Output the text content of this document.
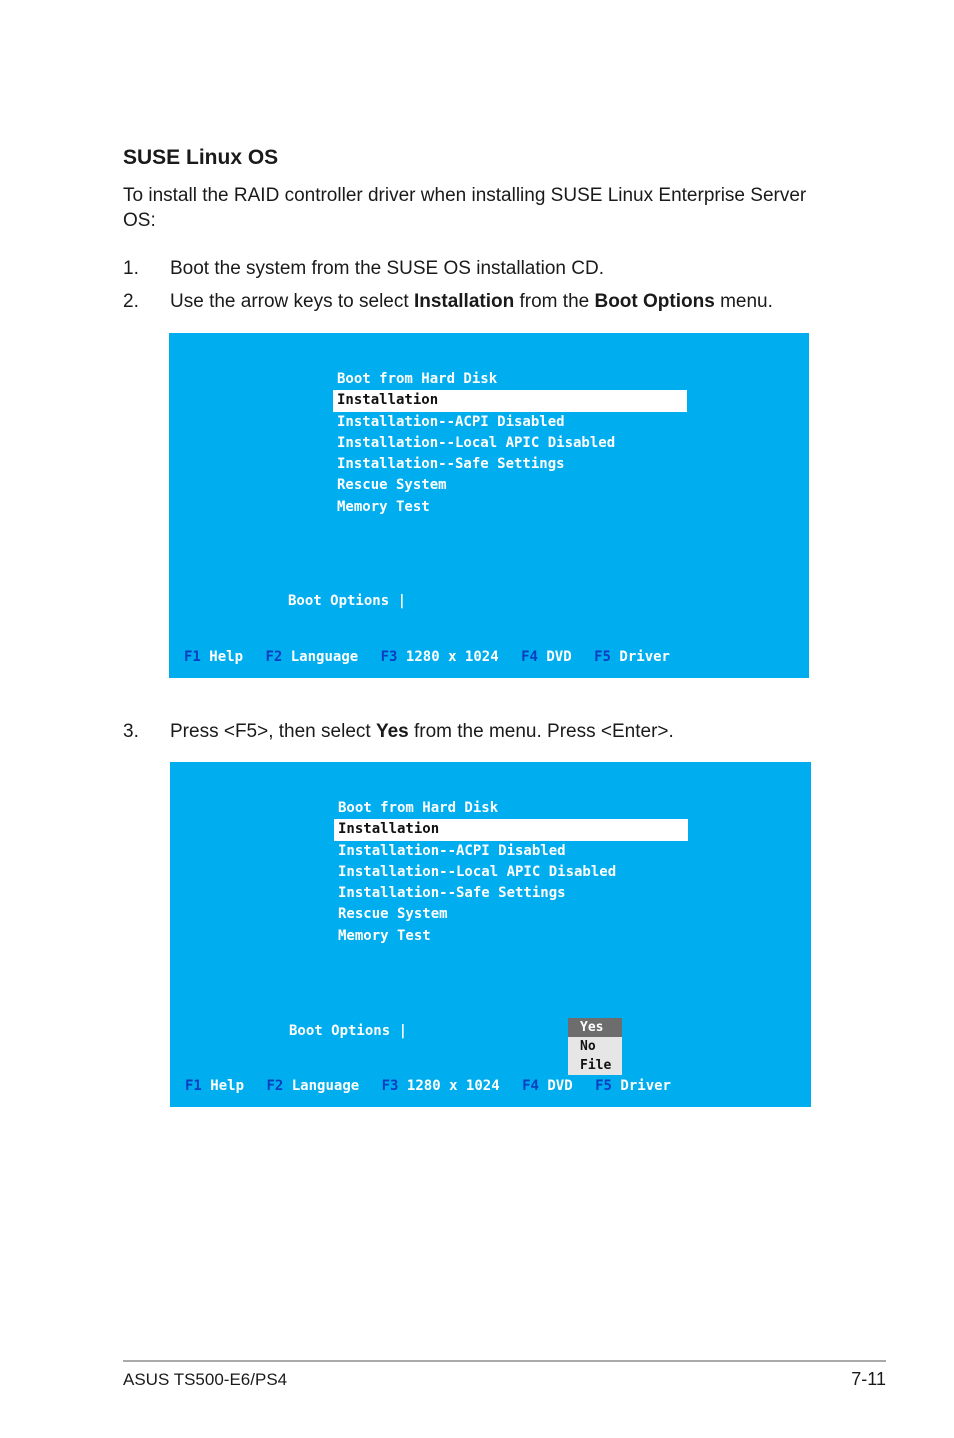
SUSE Linux OS
To install the RAID controller driver when installing SUSE Linux Enterprise Server OS:
1. Boot the system from the SUSE OS installation CD.
2. Use the arrow keys to select Installation from the Boot Options menu.
Boot from Hard Disk
Installation
Installation--ACPI Disabled
Installation--Local APIC Disabled
Installation--Safe Settings
Rescue System
Memory Test
Boot Options |
F1 Help F2 Language F3 1280 x 1024 F4 DVD F5 Driver
3. Press <F5>, then select Yes from the menu. Press <Enter>.
Boot from Hard Disk
Installation
Installation--ACPI Disabled
Installation--Local APIC Disabled
Installation--Safe Settings
Rescue System
Memory Test
Boot Options |	Yes
No
File
F1 Help F2 Language F3 1280 x 1024 F4 DVD F5 Driver
ASUS TS500-E6/PS4	7-11
